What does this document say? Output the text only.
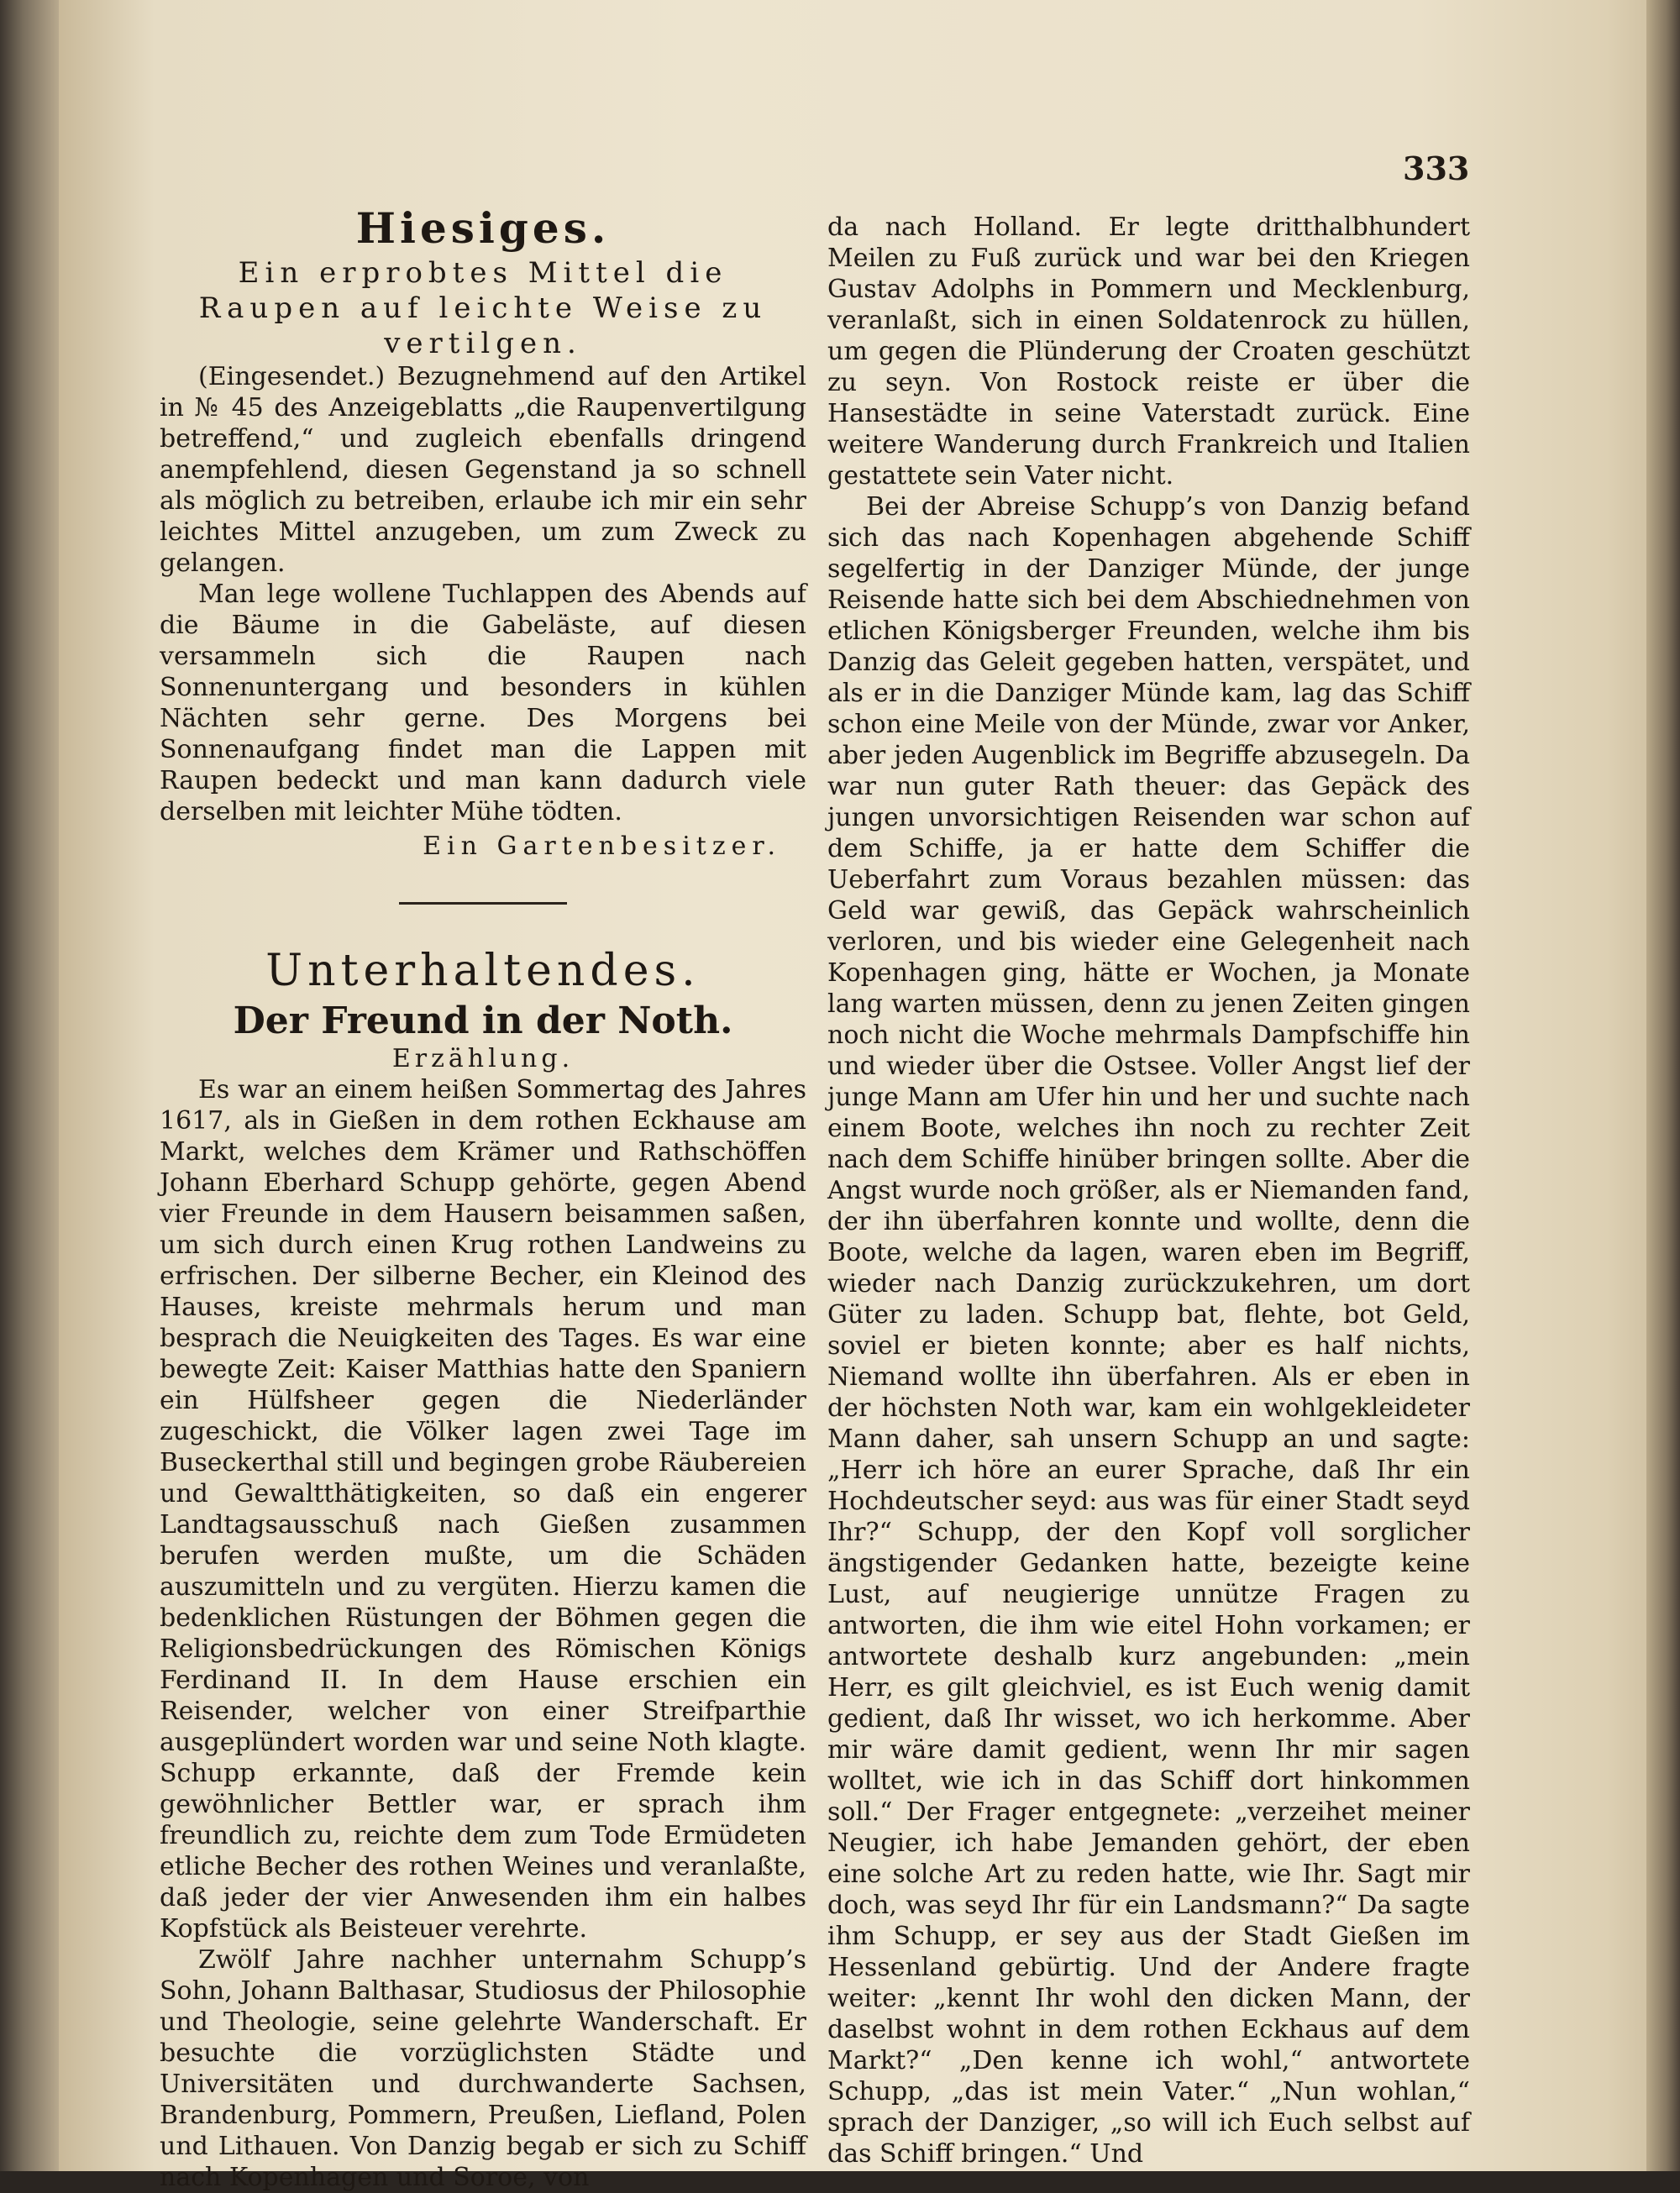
333

Hiesiges.

Ein erprobtes Mittel die Raupen auf leichte Weise zu vertilgen.

(Eingesendet.) Bezugnehmend auf den Artikel in № 45 des Anzeigeblatts „die Raupenvertilgung betreffend,“ und zugleich ebenfalls dringend anempfehlend, diesen Gegenstand ja so schnell als möglich zu betreiben, erlaube ich mir ein sehr leichtes Mittel anzugeben, um zum Zweck zu gelangen.

Man lege wollene Tuchlappen des Abends auf die Bäume in die Gabeläste, auf diesen versammeln sich die Raupen nach Sonnenuntergang und besonders in kühlen Nächten sehr gerne. Des Morgens bei Sonnenaufgang findet man die Lappen mit Raupen bedeckt und man kann dadurch viele derselben mit leichter Mühe tödten.

Ein Gartenbesitzer.

Unterhaltendes.

Der Freund in der Noth.

Erzählung.

Es war an einem heißen Sommertag des Jahres 1617, als in Gießen in dem rothen Eckhause am Markt, welches dem Krämer und Rathschöffen Johann Eberhard Schupp gehörte, gegen Abend vier Freunde in dem Hausern beisammen saßen, um sich durch einen Krug rothen Landweins zu erfrischen. Der silberne Becher, ein Kleinod des Hauses, kreiste mehrmals herum und man besprach die Neuigkeiten des Tages. Es war eine bewegte Zeit: Kaiser Matthias hatte den Spaniern ein Hülfsheer gegen die Niederländer zugeschickt, die Völker lagen zwei Tage im Buseckerthal still und begingen grobe Räubereien und Gewaltthätigkeiten, so daß ein engerer Landtagsausschuß nach Gießen zusammen berufen werden mußte, um die Schäden auszumitteln und zu vergüten. Hierzu kamen die bedenklichen Rüstungen der Böhmen gegen die Religionsbedrückungen des Römischen Königs Ferdinand II. In dem Hause erschien ein Reisender, welcher von einer Streifparthie ausgeplündert worden war und seine Noth klagte. Schupp erkannte, daß der Fremde kein gewöhnlicher Bettler war, er sprach ihm freundlich zu, reichte dem zum Tode Ermüdeten etliche Becher des rothen Weines und veranlaßte, daß jeder der vier Anwesenden ihm ein halbes Kopfstück als Beisteuer verehrte.

Zwölf Jahre nachher unternahm Schupp’s Sohn, Johann Balthasar, Studiosus der Philosophie und Theologie, seine gelehrte Wanderschaft. Er besuchte die vorzüglichsten Städte und Universitäten und durchwanderte Sachsen, Brandenburg, Pommern, Preußen, Liefland, Polen und Lithauen. Von Danzig begab er sich zu Schiff nach Kopenhagen und Soroe, von

da nach Holland. Er legte dritthalbhundert Meilen zu Fuß zurück und war bei den Kriegen Gustav Adolphs in Pommern und Mecklenburg, veranlaßt, sich in einen Soldatenrock zu hüllen, um gegen die Plünderung der Croaten geschützt zu seyn. Von Rostock reiste er über die Hansestädte in seine Vaterstadt zurück. Eine weitere Wanderung durch Frankreich und Italien gestattete sein Vater nicht.

Bei der Abreise Schupp’s von Danzig befand sich das nach Kopenhagen abgehende Schiff segelfertig in der Danziger Münde, der junge Reisende hatte sich bei dem Abschiednehmen von etlichen Königsberger Freunden, welche ihm bis Danzig das Geleit gegeben hatten, verspätet, und als er in die Danziger Münde kam, lag das Schiff schon eine Meile von der Münde, zwar vor Anker, aber jeden Augenblick im Begriffe abzusegeln. Da war nun guter Rath theuer: das Gepäck des jungen unvorsichtigen Reisenden war schon auf dem Schiffe, ja er hatte dem Schiffer die Ueberfahrt zum Voraus bezahlen müssen: das Geld war gewiß, das Gepäck wahrscheinlich verloren, und bis wieder eine Gelegenheit nach Kopenhagen ging, hätte er Wochen, ja Monate lang warten müssen, denn zu jenen Zeiten gingen noch nicht die Woche mehrmals Dampfschiffe hin und wieder über die Ostsee. Voller Angst lief der junge Mann am Ufer hin und her und suchte nach einem Boote, welches ihn noch zu rechter Zeit nach dem Schiffe hinüber bringen sollte. Aber die Angst wurde noch größer, als er Niemanden fand, der ihn überfahren konnte und wollte, denn die Boote, welche da lagen, waren eben im Begriff, wieder nach Danzig zurückzukehren, um dort Güter zu laden. Schupp bat, flehte, bot Geld, soviel er bieten konnte; aber es half nichts, Niemand wollte ihn überfahren. Als er eben in der höchsten Noth war, kam ein wohlgekleideter Mann daher, sah unsern Schupp an und sagte: „Herr ich höre an eurer Sprache, daß Ihr ein Hochdeutscher seyd: aus was für einer Stadt seyd Ihr?“ Schupp, der den Kopf voll sorglicher ängstigender Gedanken hatte, bezeigte keine Lust, auf neugierige unnütze Fragen zu antworten, die ihm wie eitel Hohn vorkamen; er antwortete deshalb kurz angebunden: „mein Herr, es gilt gleichviel, es ist Euch wenig damit gedient, daß Ihr wisset, wo ich herkomme. Aber mir wäre damit gedient, wenn Ihr mir sagen wolltet, wie ich in das Schiff dort hinkommen soll.“ Der Frager entgegnete: „verzeihet meiner Neugier, ich habe Jemanden gehört, der eben eine solche Art zu reden hatte, wie Ihr. Sagt mir doch, was seyd Ihr für ein Landsmann?“ Da sagte ihm Schupp, er sey aus der Stadt Gießen im Hessenland gebürtig. Und der Andere fragte weiter: „kennt Ihr wohl den dicken Mann, der daselbst wohnt in dem rothen Eckhaus auf dem Markt?“ „Den kenne ich wohl,“ antwortete Schupp, „das ist mein Vater.“ „Nun wohlan,“ sprach der Danziger, „so will ich Euch selbst auf das Schiff bringen.“ Und
